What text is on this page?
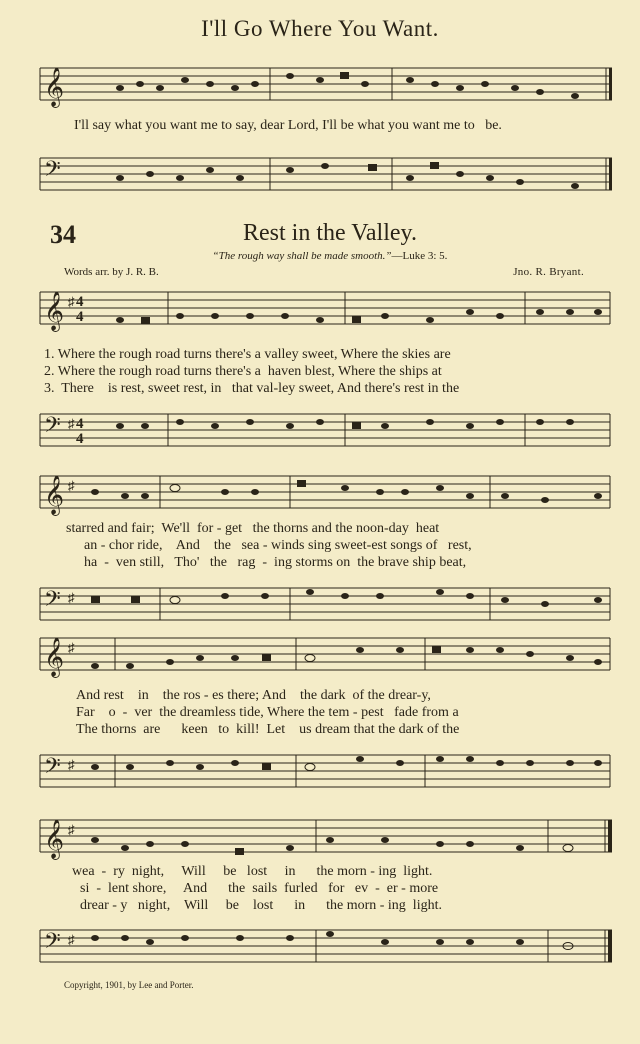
I'll Go Where You Want.
𝄞
I'll say what you want me to say, dear Lord, I'll be what you want me to   be.
𝄢
34	Rest in the Valley.
“The rough way shall be made smooth.”—Luke 3: 5.
Words arr. by J. R. B.	Jno. R. Bryant.
𝄞 ♯ 4
4
1. Where the rough road turns there's a valley sweet, Where the skies are
2. Where the rough road turns there's a  haven blest, Where the ships at
3.  There    is rest, sweet rest, in   that val-ley sweet, And there's rest in the
𝄢 ♯ 4
4
𝄞 ♯
starred and fair;  We'll  for - get   the thorns and the noon-day  heat
an - chor ride,    And    the   sea - winds sing sweet-est songs of   rest,
ha  -  ven still,   Tho'   the   rag  -  ing storms on  the brave ship beat,
𝄢 ♯
𝄞 ♯
And rest    in    the ros - es there; And    the dark  of the drear-y,
Far    o  -  ver  the dreamless tide, Where the tem - pest   fade from a
The thorns  are      keen   to  kill!  Let    us dream that the dark of the
𝄢 ♯
𝄞 ♯
wea  -  ry  night,     Will     be   lost     in      the morn - ing  light.
si  -  lent shore,     And      the  sails  furled   for   ev  -  er - more
drear - y   night,    Will     be    lost      in      the morn - ing  light.
𝄢 ♯
Copyright, 1901, by Lee and Porter.
